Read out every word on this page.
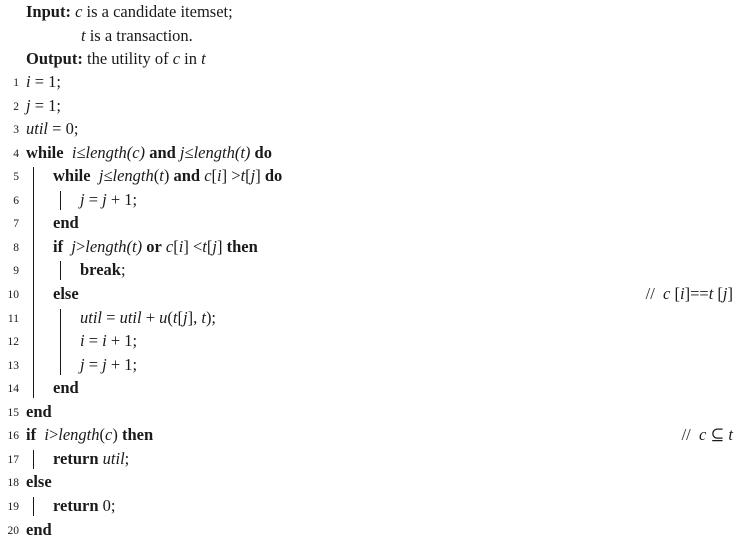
Input: c is a candidate itemset;
t is a transaction.
Output: the utility of c in t
1 i = 1;
2 j = 1;
3 util = 0;
4 while i≤length(c) and j≤length(t) do
5 while j≤length(t) and c[i] >t[j] do
6	j = j + 1;
7 end
8 if j>length(t) or c[i] <t[j] then
9	break;
10 else	//  c [i]==t [j]
11	util = util + u(t[j], t);
12	i = i + 1;
13	j = j + 1;
14 end
15 end
16 if i>length(c) then	//  c ⊆ t
17 return util;
18 else
19 return 0;
20 end
